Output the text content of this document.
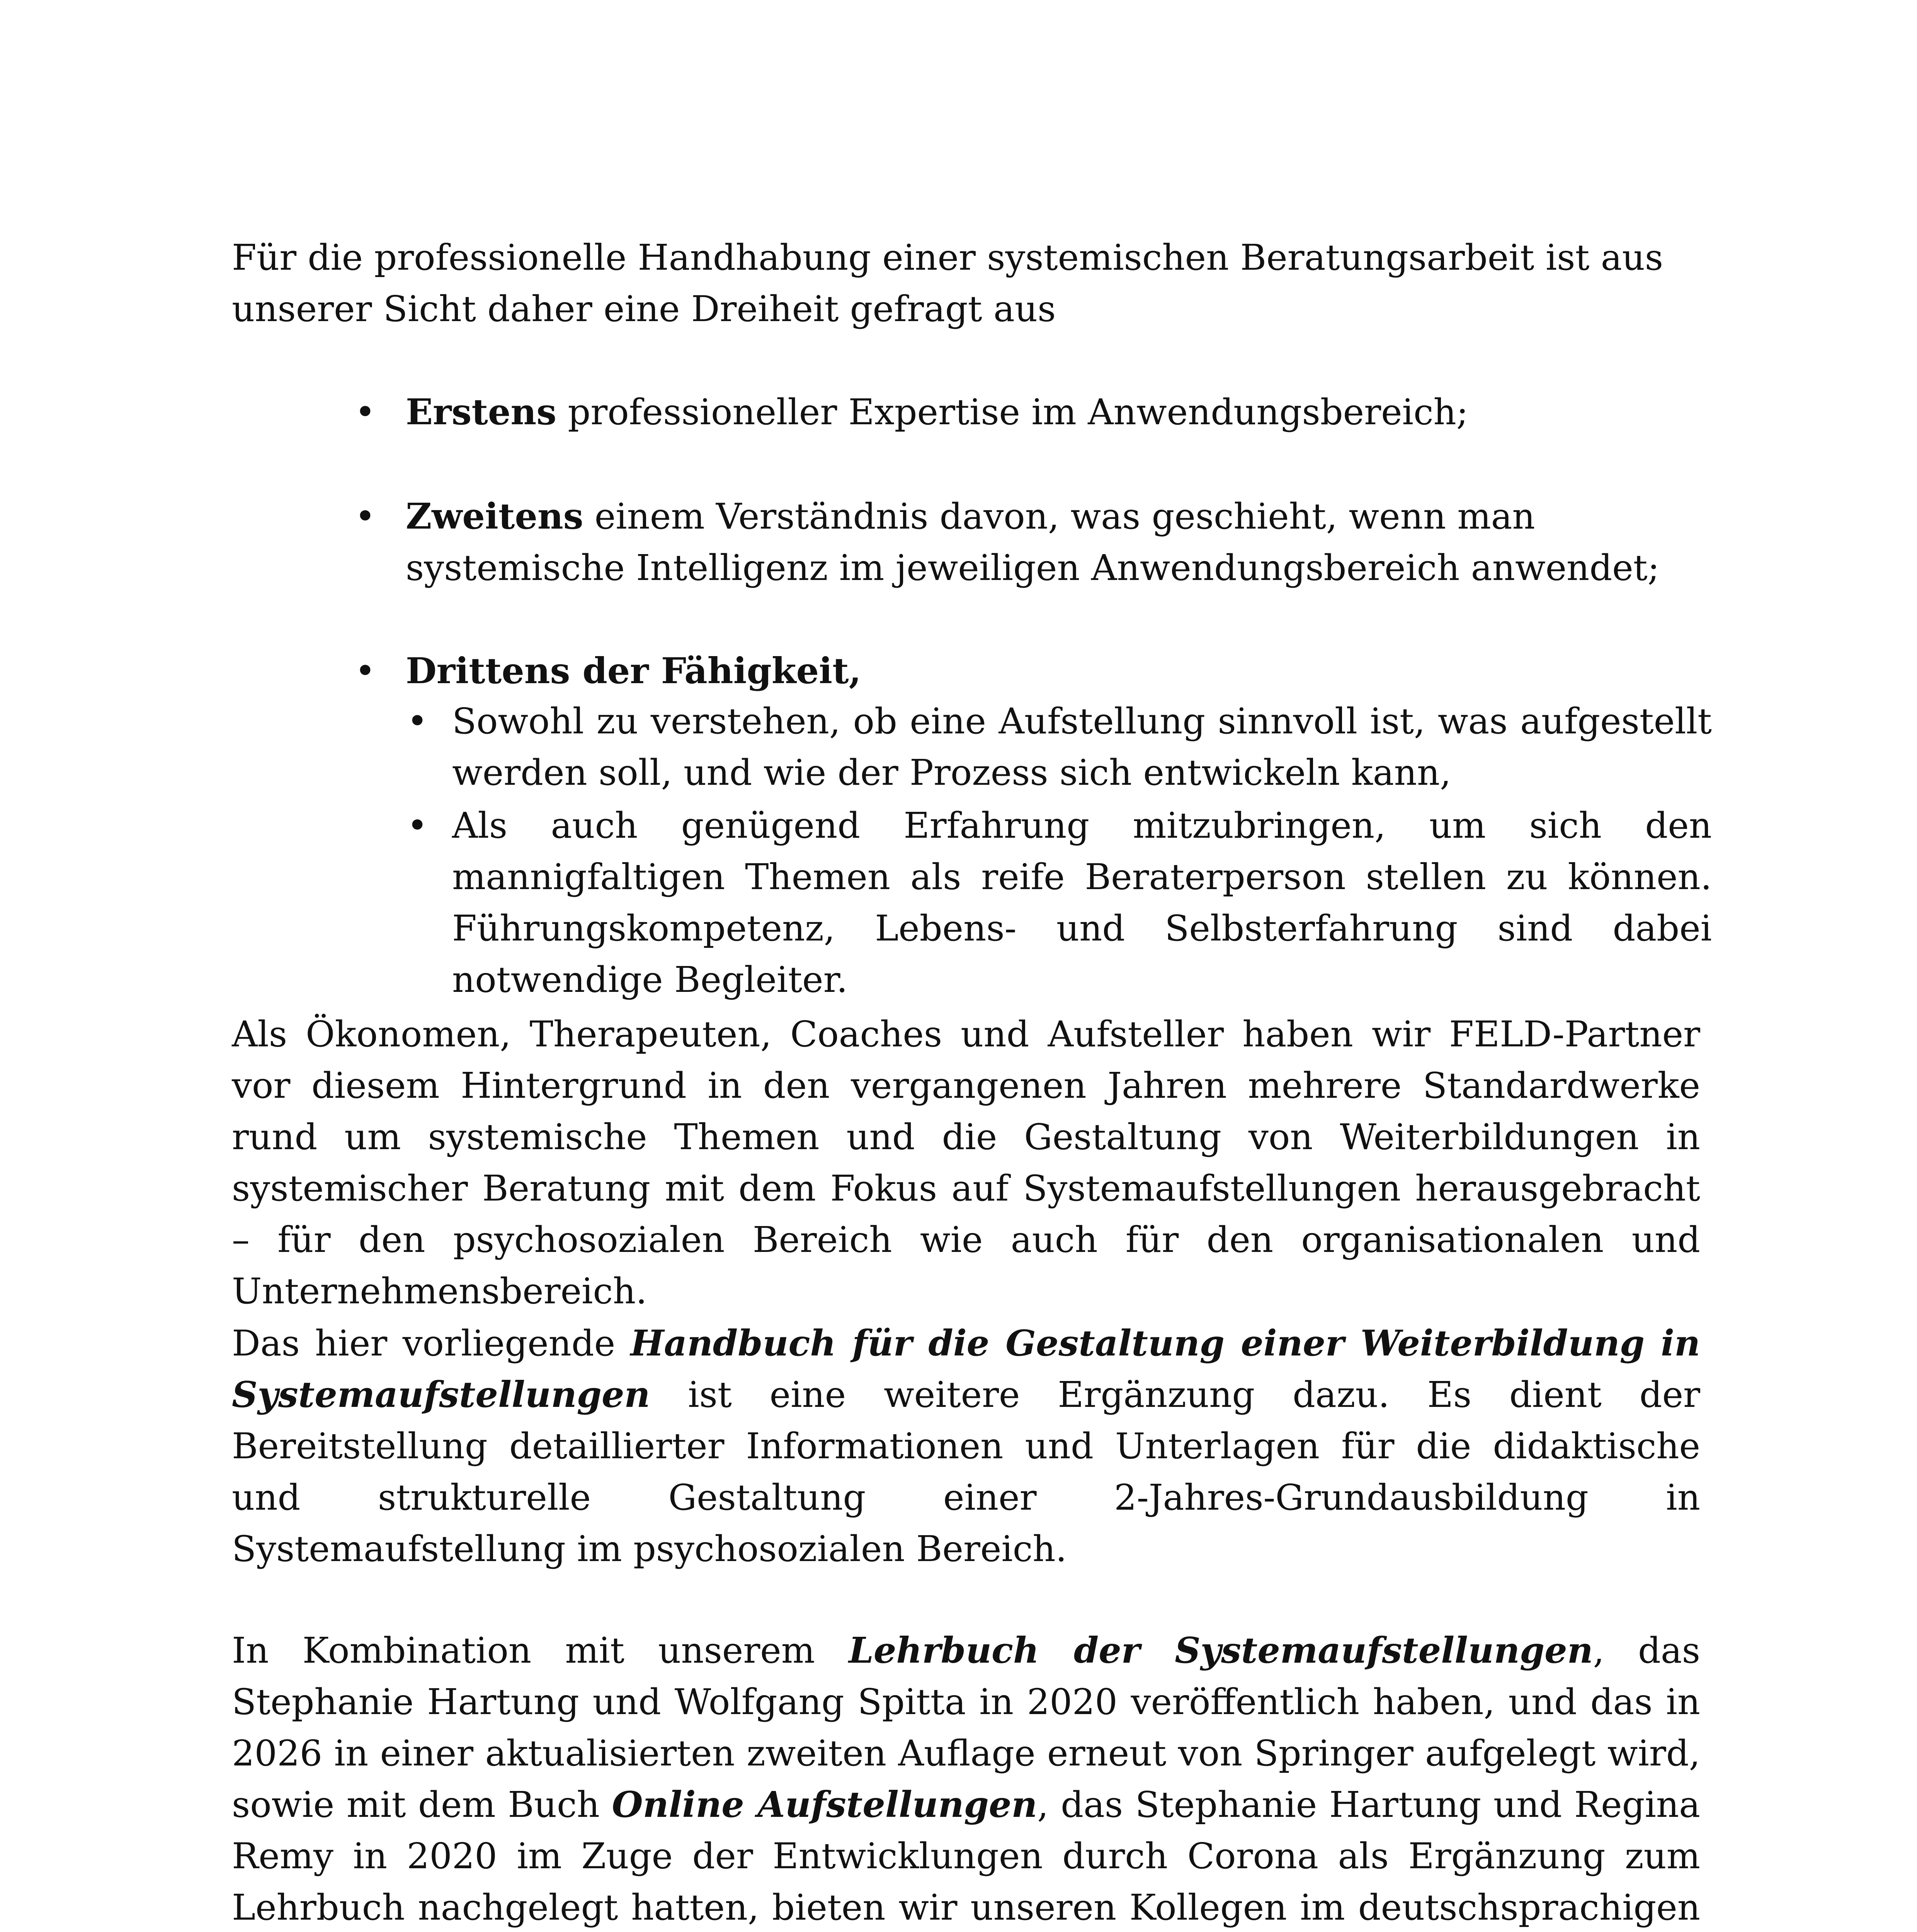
Für die professionelle Handhabung einer systemischen Beratungsarbeit ist aus unserer Sicht daher eine Dreiheit gefragt aus

• Erstens professioneller Expertise im Anwendungsbereich;
• Zweitens einem Verständnis davon, was geschieht, wenn man systemische Intelligenz im jeweiligen Anwendungsbereich anwendet;
• Drittens der Fähigkeit,
• Sowohl zu verstehen, ob eine Aufstellung sinnvoll ist, was aufgestellt werden soll, und wie der Prozess sich entwickeln kann,
• Als auch genügend Erfahrung mitzubringen, um sich den mannigfaltigen Themen als reife Beraterperson stellen zu können. Führungskompetenz, Lebens- und Selbsterfahrung sind dabei notwendige Begleiter.

Als Ökonomen, Therapeuten, Coaches und Aufsteller haben wir FELD-Partner vor diesem Hintergrund in den vergangenen Jahren mehrere Standardwerke rund um systemische Themen und die Gestaltung von Weiterbildungen in systemischer Beratung mit dem Fokus auf Systemaufstellungen herausgebracht – für den psychosozialen Bereich wie auch für den organisationalen und Unternehmensbereich.

Das hier vorliegende Handbuch für die Gestaltung einer Weiterbildung in Systemaufstellungen ist eine weitere Ergänzung dazu. Es dient der Bereitstellung detaillierter Informationen und Unterlagen für die didaktische und strukturelle Gestaltung einer 2-Jahres-Grundausbildung in Systemaufstellung im psychosozialen Bereich.

In Kombination mit unserem Lehrbuch der Systemaufstellungen, das Stephanie Hartung und Wolfgang Spitta in 2020 veröffentlich haben, und das in 2026 in einer aktualisierten zweiten Auflage erneut von Springer aufgelegt wird, sowie mit dem Buch Online Aufstellungen, das Stephanie Hartung und Regina Remy in 2020 im Zuge der Entwicklungen durch Corona als Ergänzung zum Lehrbuch nachgelegt hatten, bieten wir unseren Kollegen im deutschsprachigen
